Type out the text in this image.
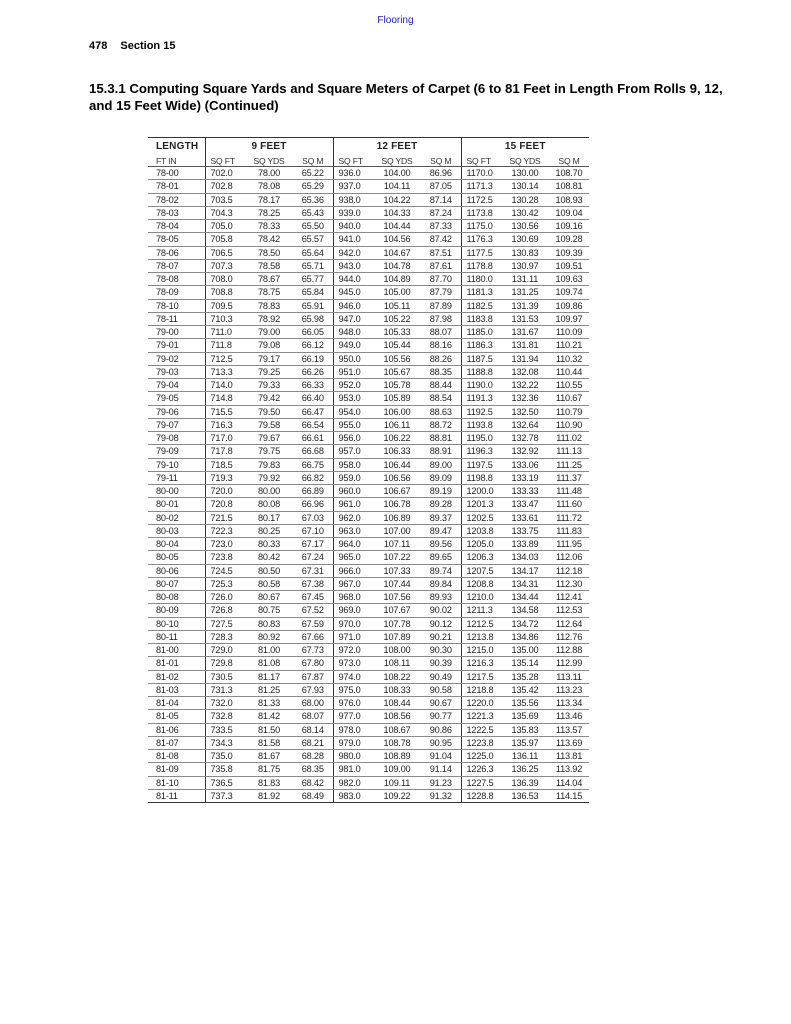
Flooring
478 Section 15
15.3.1 Computing Square Yards and Square Meters of Carpet (6 to 81 Feet in Length From Rolls 9, 12, and 15 Feet Wide) (Continued)
LENGTH	9 FEET			12 FEET			15 FEET		
FT IN	SQ FT	SQ YDS	SQ M	SQ FT	SQ YDS	SQ M	SQ FT	SQ YDS	SQ M
78-00	702.0	78.00	65.22	936.0	104.00	86.96	1170.0	130.00	108.70
78-01	702.8	78.08	65.29	937.0	104.11	87.05	1171.3	130.14	108.81
78-02	703.5	78.17	65.36	938.0	104.22	87.14	1172.5	130.28	108.93
78-03	704.3	78.25	65.43	939.0	104.33	87.24	1173.8	130.42	109.04
78-04	705.0	78.33	65.50	940.0	104.44	87.33	1175.0	130.56	109.16
78-05	705.8	78.42	65.57	941.0	104.56	87.42	1176.3	130.69	109.28
78-06	706.5	78.50	65.64	942.0	104.67	87.51	1177.5	130.83	109.39
78-07	707.3	78.58	65.71	943.0	104.78	87.61	1178.8	130.97	109.51
78-08	708.0	78.67	65.77	944.0	104.89	87.70	1180.0	131.11	109.63
78-09	708.8	78.75	65.84	945.0	105.00	87.79	1181.3	131.25	109.74
78-10	709.5	78.83	65.91	946.0	105.11	87.89	1182.5	131.39	109.86
78-11	710.3	78.92	65.98	947.0	105.22	87.98	1183.8	131.53	109.97
79-00	711.0	79.00	66.05	948.0	105.33	88.07	1185.0	131.67	110.09
79-01	711.8	79.08	66.12	949.0	105.44	88.16	1186.3	131.81	110.21
79-02	712.5	79.17	66.19	950.0	105.56	88.26	1187.5	131.94	110.32
79-03	713.3	79.25	66.26	951.0	105.67	88.35	1188.8	132.08	110.44
79-04	714.0	79.33	66.33	952.0	105.78	88.44	1190.0	132.22	110.55
79-05	714.8	79.42	66.40	953.0	105.89	88.54	1191.3	132.36	110.67
79-06	715.5	79.50	66.47	954.0	106.00	88.63	1192.5	132.50	110.79
79-07	716.3	79.58	66.54	955.0	106.11	88.72	1193.8	132.64	110.90
79-08	717.0	79.67	66.61	956.0	106.22	88.81	1195.0	132.78	111.02
79-09	717.8	79.75	66.68	957.0	106.33	88.91	1196.3	132.92	111.13
79-10	718.5	79.83	66.75	958.0	106.44	89.00	1197.5	133.06	111.25
79-11	719.3	79.92	66.82	959.0	106.56	89.09	1198.8	133.19	111.37
80-00	720.0	80.00	66.89	960.0	106.67	89.19	1200.0	133.33	111.48
80-01	720.8	80.08	66.96	961.0	106.78	89.28	1201.3	133.47	111.60
80-02	721.5	80.17	67.03	962.0	106.89	89.37	1202.5	133.61	111.72
80-03	722.3	80.25	67.10	963.0	107.00	89.47	1203.8	133.75	111.83
80-04	723.0	80.33	67.17	964.0	107.11	89.56	1205.0	133.89	111.95
80-05	723.8	80.42	67.24	965.0	107.22	89.65	1206.3	134.03	112.06
80-06	724.5	80.50	67.31	966.0	107.33	89.74	1207.5	134.17	112.18
80-07	725.3	80.58	67.38	967.0	107.44	89.84	1208.8	134.31	112.30
80-08	726.0	80.67	67.45	968.0	107.56	89.93	1210.0	134.44	112.41
80-09	726.8	80.75	67.52	969.0	107.67	90.02	1211.3	134.58	112.53
80-10	727.5	80.83	67.59	970.0	107.78	90.12	1212.5	134.72	112.64
80-11	728.3	80.92	67.66	971.0	107.89	90.21	1213.8	134.86	112.76
81-00	729.0	81.00	67.73	972.0	108.00	90.30	1215.0	135.00	112.88
81-01	729.8	81.08	67.80	973.0	108.11	90.39	1216.3	135.14	112.99
81-02	730.5	81.17	67.87	974.0	108.22	90.49	1217.5	135.28	113.11
81-03	731.3	81.25	67.93	975.0	108.33	90.58	1218.8	135.42	113.23
81-04	732.0	81.33	68.00	976.0	108.44	90.67	1220.0	135.56	113.34
81-05	732.8	81.42	68.07	977.0	108.56	90.77	1221.3	135.69	113.46
81-06	733.5	81.50	68.14	978.0	108.67	90.86	1222.5	135.83	113.57
81-07	734.3	81.58	68.21	979.0	108.78	90.95	1223.8	135.97	113.69
81-08	735.0	81.67	68.28	980.0	108.89	91.04	1225.0	136.11	113.81
81-09	735.8	81.75	68.35	981.0	109.00	91.14	1226.3	136.25	113.92
81-10	736.5	81.83	68.42	982.0	109.11	91.23	1227.5	136.39	114.04
81-11	737.3	81.92	68.49	983.0	109.22	91.32	1228.8	136.53	114.15
